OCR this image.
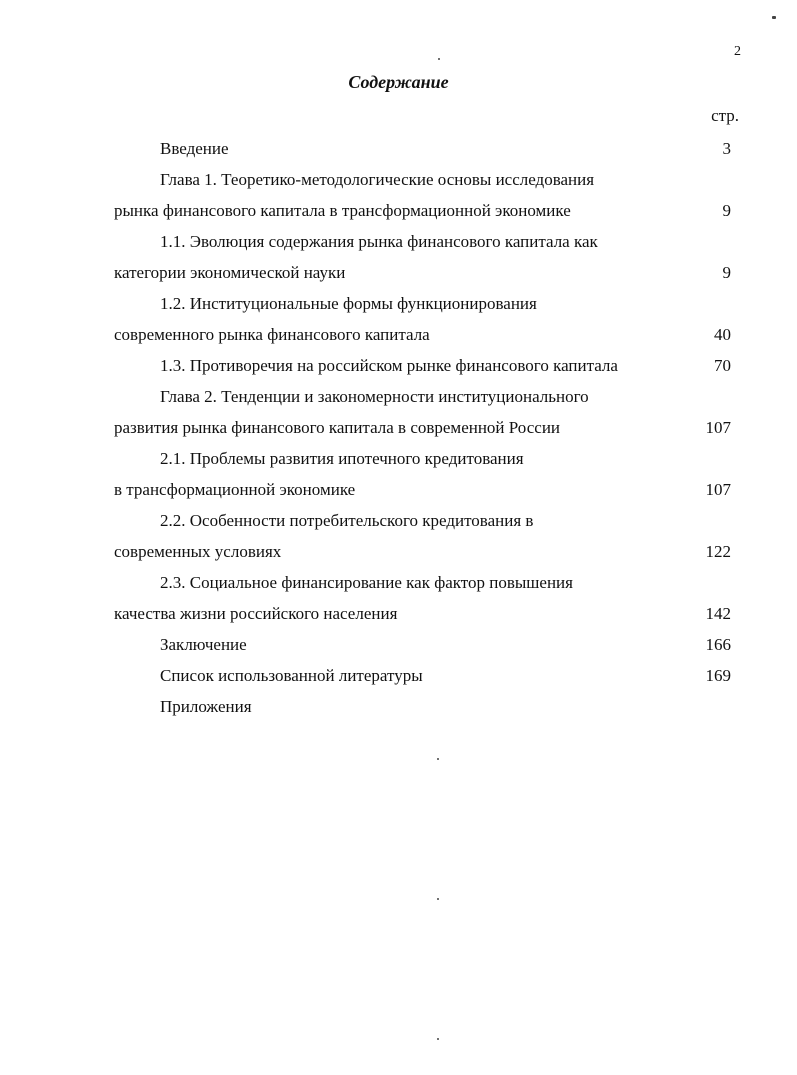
2
Содержание
стр.
Введение	3
Глава 1. Теоретико-методологические основы исследования
рынка финансового капитала в трансформационной экономике	9
1.1. Эволюция содержания рынка финансового капитала как
категории экономической науки	9
1.2. Институциональные формы функционирования
современного рынка финансового капитала	40
1.3. Противоречия на российском рынке финансового капитала	70
Глава 2. Тенденции и закономерности институционального
развития рынка финансового капитала в современной России	107
2.1. Проблемы развития ипотечного кредитования
в трансформационной экономике	107
2.2. Особенности потребительского кредитования в
современных условиях	122
2.3. Социальное финансирование как фактор повышения
качества жизни российского населения	142
Заключение	166
Список использованной литературы	169
Приложения
